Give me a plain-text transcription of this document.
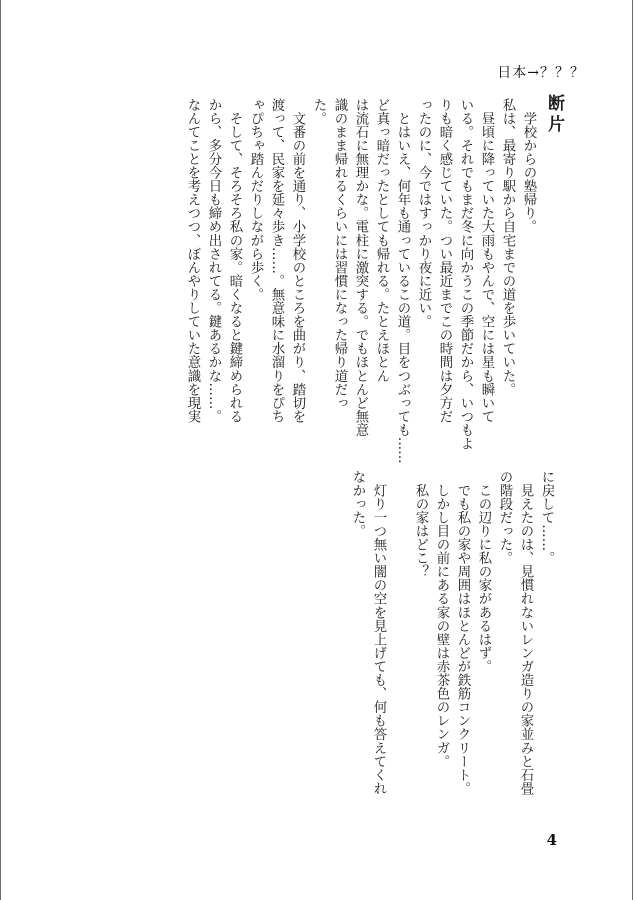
日本→？？？
断片
　学校からの塾帰り。
私は、最寄り駅から自宅までの道を歩いていた。
　昼頃に降っていた大雨もやんで、空には星も瞬いて
いる。それでもまだ冬に向かうこの季節だから、いつもよ
りも暗く感じていた。つい最近までこの時間は夕方だ
ったのに、今ではすっかり夜に近い。
　とはいえ、何年も通っているこの道。目をつぶっても……
ど真っ暗だったとしても帰れる。たとえほとん
は流石に無理かな。電柱に激突する。でもほとんど無意
識のまま帰れるくらいには習慣になった帰り道だっ
た。
　文番の前を通り、小学校のところを曲がり、踏切を
渡って、民家を延々歩き……。無意味に水溜りをぴち
ゃぴちゃ踏んだりしながら歩く。
　そして、そろそろ私の家。暗くなると鍵締められる
から、多分今日も締め出されてる。鍵あるかな……。
なんてことを考えつつ、ぼんやりしていた意識を現実
に戻して……。
　見えたのは、見慣れないレンガ造りの家並みと石畳
の階段だった。
　この辺りに私の家があるはず。
　でも私の家や周囲はほとんどが鉄筋コンクリート。
　しかし目の前にある家の壁は赤茶色のレンガ。
　私の家はどこ？

　灯り一つ無い闇の空を見上げても、何も答えてくれ
なかった。
4
